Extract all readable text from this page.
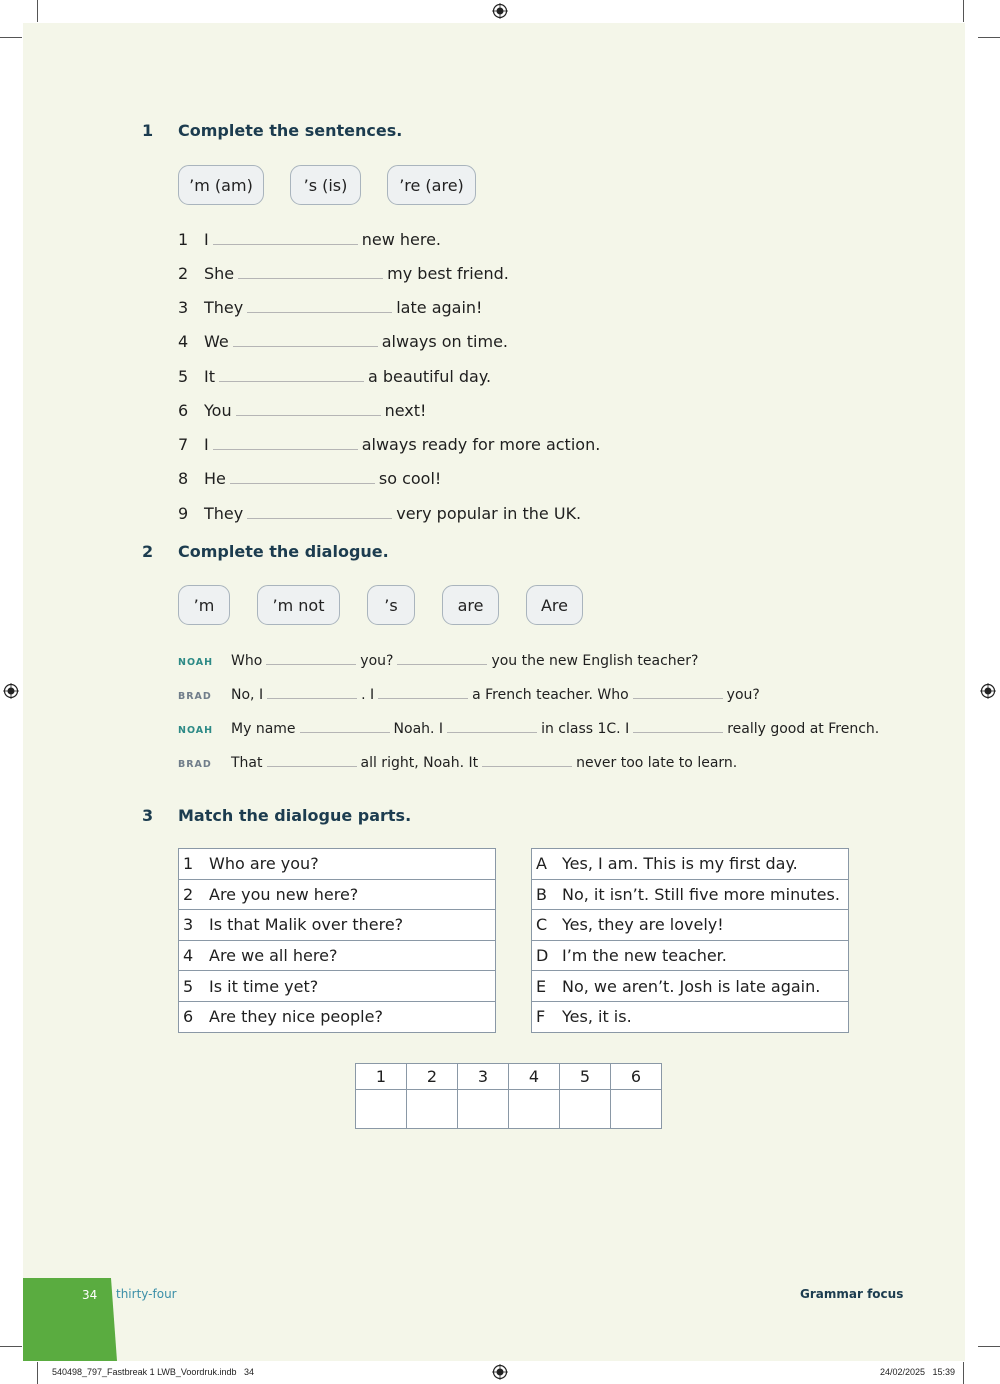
1 Complete the sentences.
’m (am)	’s (is)	’re (are)
1 I	new here.
2 She	my best friend.
3 They	late again!
4 We	always on time.
5 It	a beautiful day.
6 You	next!
7 I	always ready for more action.
8 He	so cool!
9 They	very popular in the UK.
2 Complete the dialogue.
’m	’m not	’s	are	Are
NOAH	Who	you?	you the new English teacher?
BRAD	No, I	. I	a French teacher. Who	you?
NOAH	My name	Noah. I	in class 1C. I	really good at French.
BRAD	That	all right, Noah. It	never too late to learn.
3 Match the dialogue parts.
1 Who are you?
2 Are you new here?
3 Is that Malik over there?
4 Are we all here?
5 Is it time yet?
6 Are they nice people?
A Yes, I am. This is my first day.
B No, it isn’t. Still five more minutes.
C Yes, they are lovely!
D I’m the new teacher.
E No, we aren’t. Josh is late again.
F Yes, it is.
1	2	3	4	5	6

34 thirty-four	Grammar focus
540498_797_Fastbreak 1 LWB_Voordruk.indb   34	24/02/2025   15:39
